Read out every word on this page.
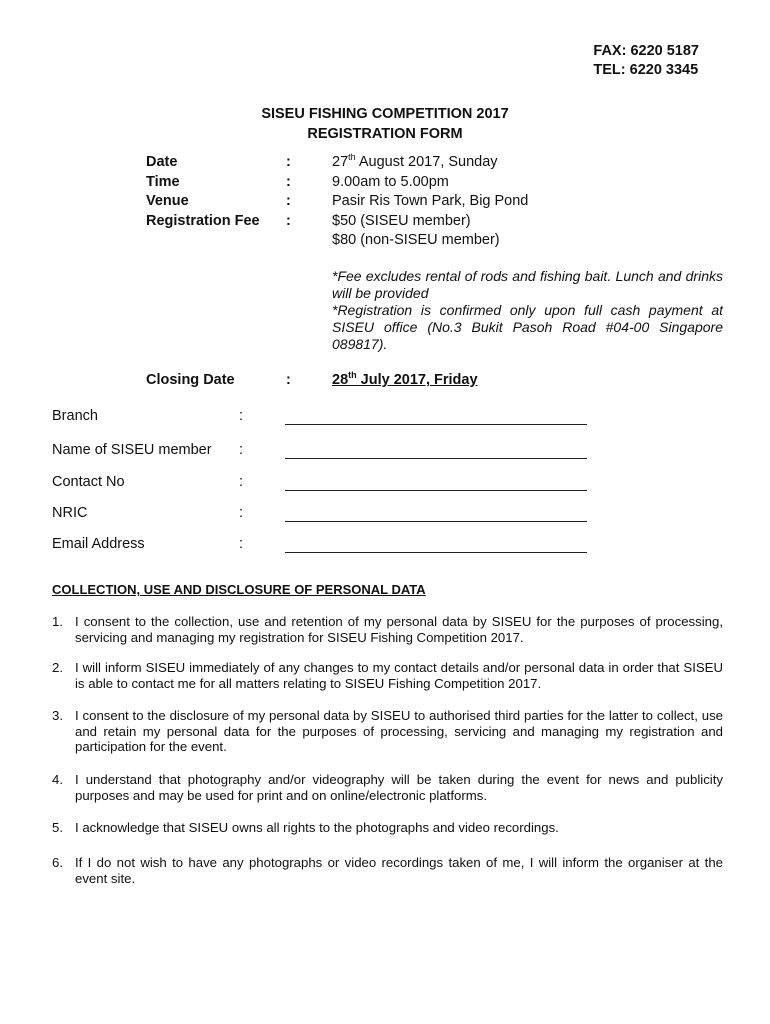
FAX: 6220 5187
TEL: 6220 3345
SISEU FISHING COMPETITION 2017
REGISTRATION FORM
Date	:	27th August 2017, Sunday
Time	:	9.00am to 5.00pm
Venue	:	Pasir Ris Town Park, Big Pond
Registration Fee :	$50 (SISEU member)
$80 (non-SISEU member)

*Fee excludes rental of rods and fishing bait. Lunch and drinks will be provided

*Registration is confirmed only upon full cash payment at SISEU office (No.3 Bukit Pasoh Road #04-00 Singapore 089817).

Closing Date	:	28th July 2017, Friday
Branch	:
Name of SISEU member :
Contact No	:
NRIC	:
Email Address	:
COLLECTION, USE AND DISCLOSURE OF PERSONAL DATA
1. I consent to the collection, use and retention of my personal data by SISEU for the purposes of processing, servicing and managing my registration for SISEU Fishing Competition 2017.
2. I will inform SISEU immediately of any changes to my contact details and/or personal data in order that SISEU is able to contact me for all matters relating to SISEU Fishing Competition 2017.
3. I consent to the disclosure of my personal data by SISEU to authorised third parties for the latter to collect, use and retain my personal data for the purposes of processing, servicing and managing my registration and participation for the event.
4. I understand that photography and/or videography will be taken during the event for news and publicity purposes and may be used for print and on online/electronic platforms.
5. I acknowledge that SISEU owns all rights to the photographs and video recordings.
6. If I do not wish to have any photographs or video recordings taken of me, I will inform the organiser at the event site.
